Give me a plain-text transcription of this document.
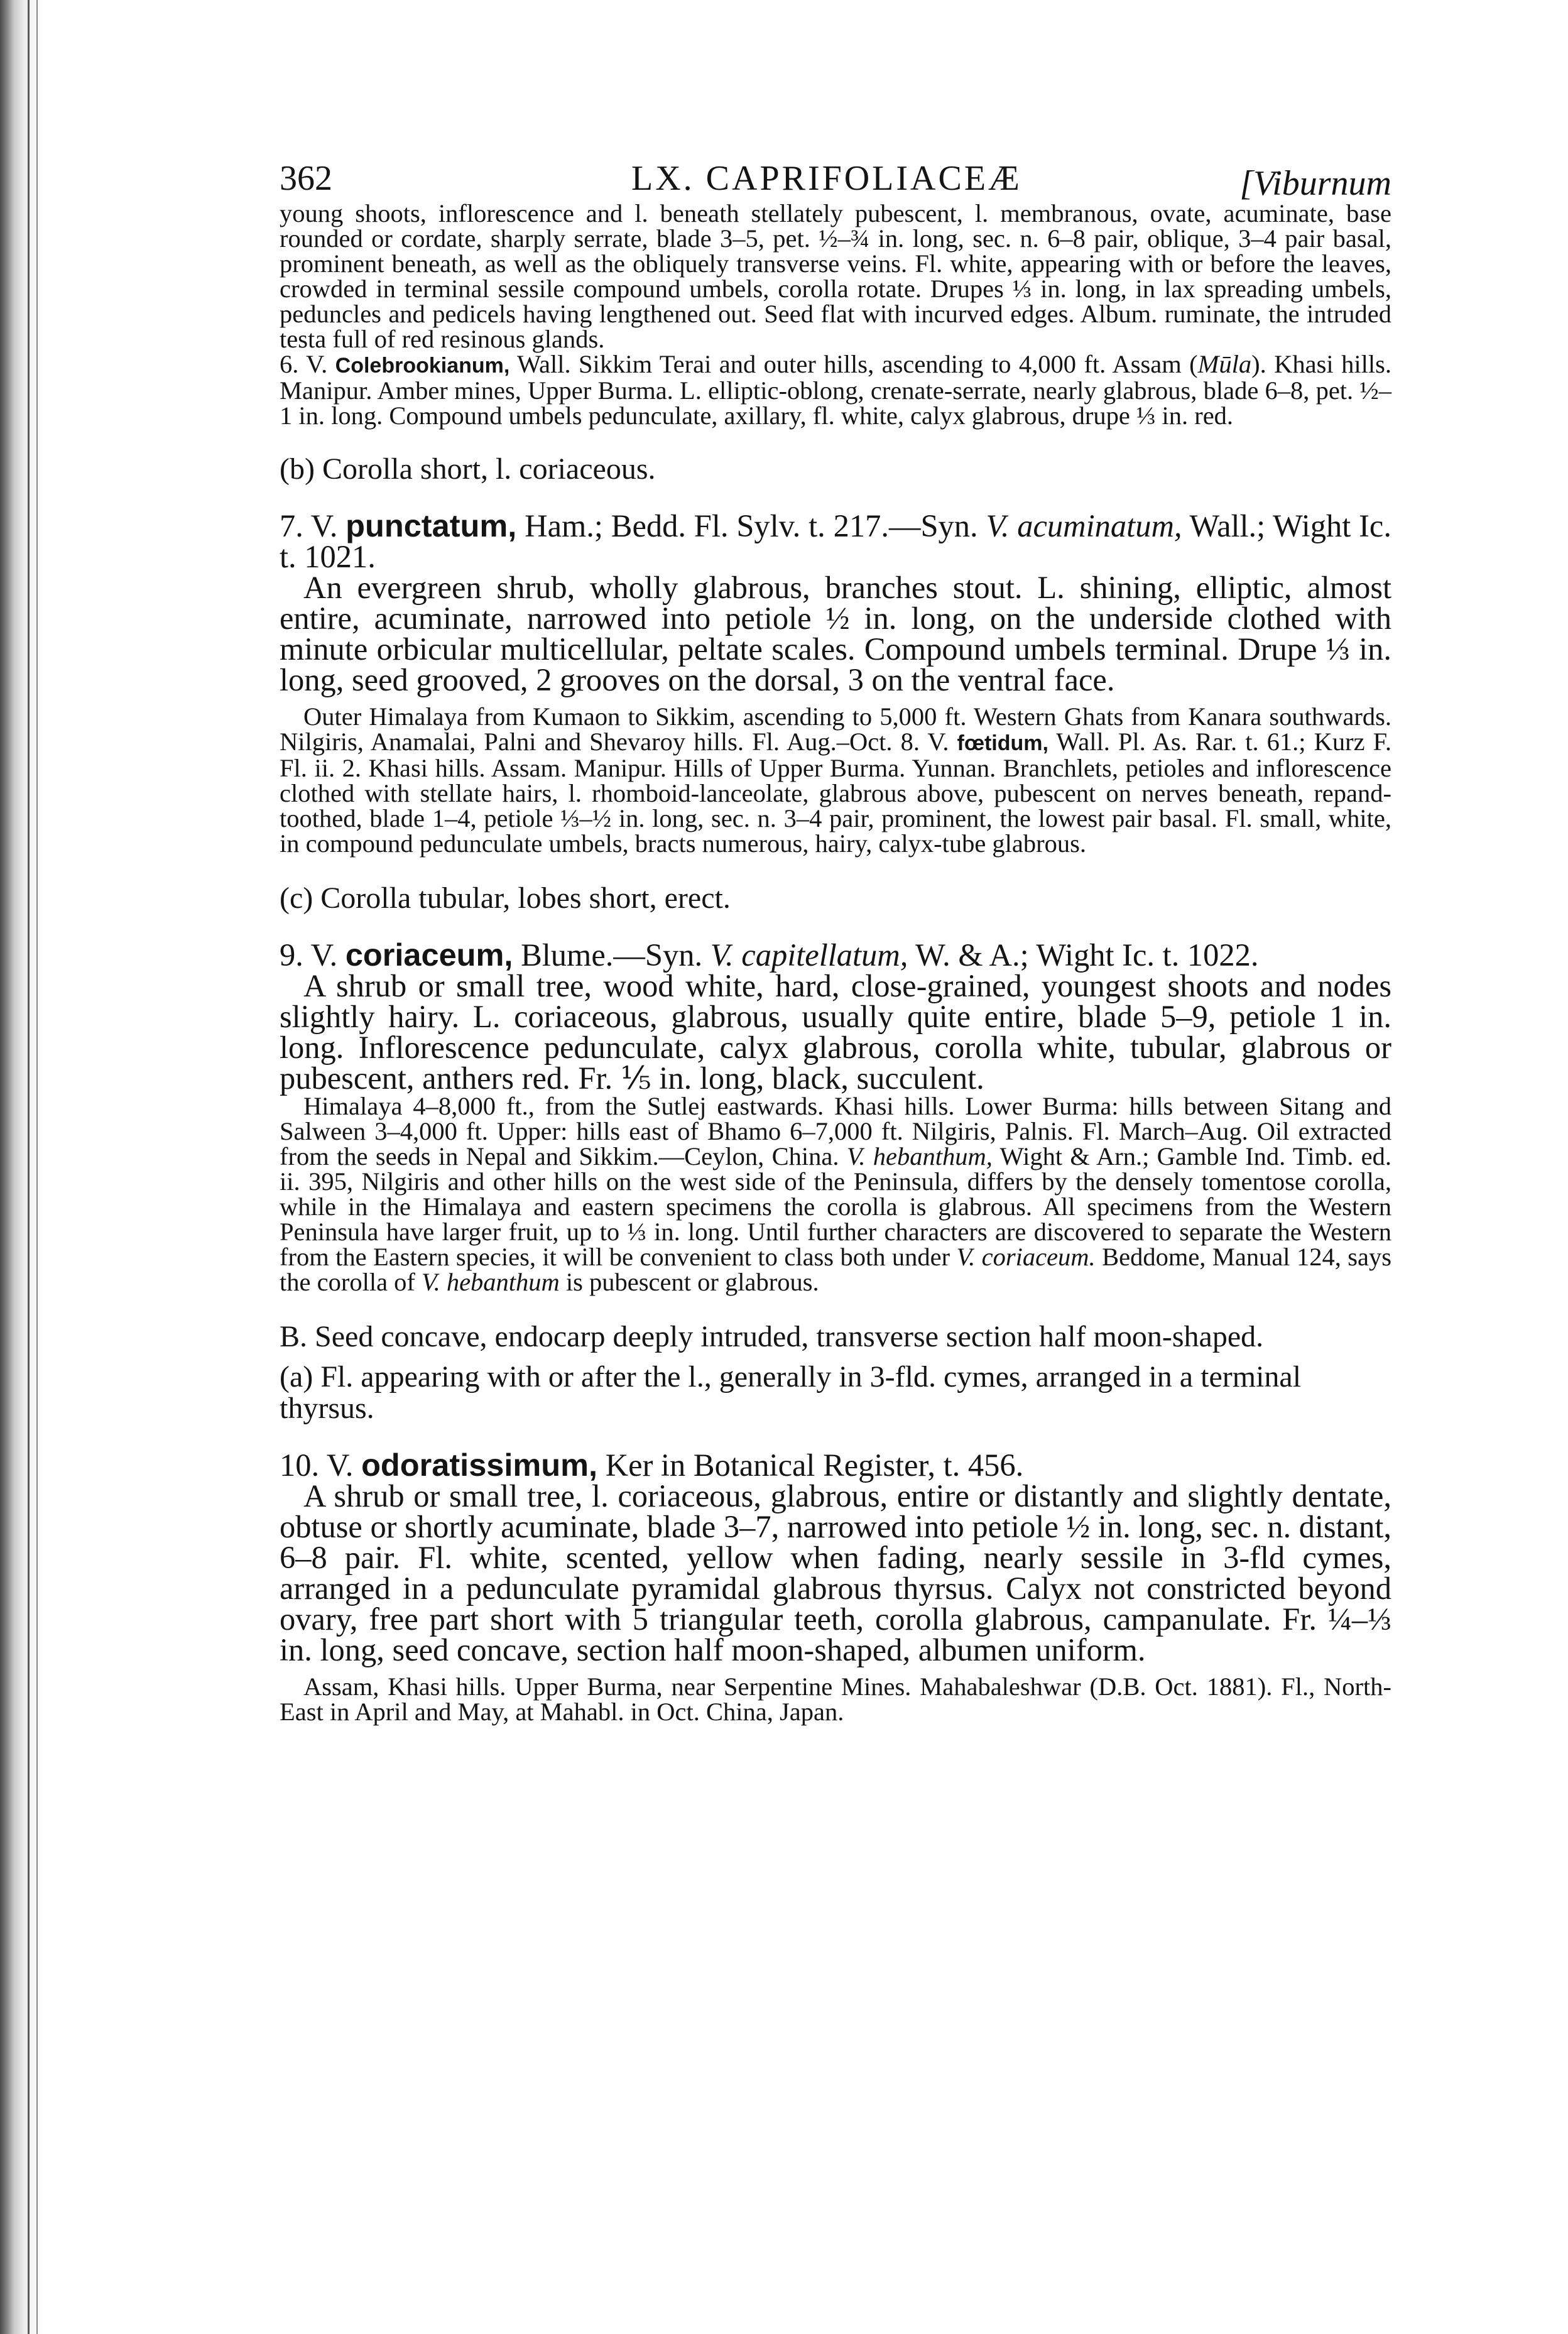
362	LX. CAPRIFOLIACEÆ	[Viburnum

young shoots, inflorescence and l. beneath stellately pubescent, l. membranous, ovate, acuminate, base rounded or cordate, sharply serrate, blade 3–5, pet. ½–¾ in. long, sec. n. 6–8 pair, oblique, 3–4 pair basal, prominent beneath, as well as the obliquely transverse veins. Fl. white, appearing with or before the leaves, crowded in terminal sessile compound umbels, corolla rotate. Drupes ⅓ in. long, in lax spreading umbels, peduncles and pedicels having lengthened out. Seed flat with incurved edges. Album. ruminate, the intruded testa full of red resinous glands.

6. V. Colebrookianum, Wall. Sikkim Terai and outer hills, ascending to 4,000 ft. Assam (Mūla). Khasi hills. Manipur. Amber mines, Upper Burma. L. elliptic-oblong, crenate-serrate, nearly glabrous, blade 6–8, pet. ½–1 in. long. Compound umbels pedunculate, axillary, fl. white, calyx glabrous, drupe ⅓ in. red.

(b) Corolla short, l. coriaceous.

7. V. punctatum, Ham.; Bedd. Fl. Sylv. t. 217.—Syn. V. acuminatum, Wall.; Wight Ic. t. 1021.

An evergreen shrub, wholly glabrous, branches stout. L. shining, elliptic, almost entire, acuminate, narrowed into petiole ½ in. long, on the underside clothed with minute orbicular multicellular, peltate scales. Compound umbels terminal. Drupe ⅓ in. long, seed grooved, 2 grooves on the dorsal, 3 on the ventral face.

Outer Himalaya from Kumaon to Sikkim, ascending to 5,000 ft. Western Ghats from Kanara southwards. Nilgiris, Anamalai, Palni and Shevaroy hills. Fl. Aug.–Oct. 8. V. fœtidum, Wall. Pl. As. Rar. t. 61.; Kurz F. Fl. ii. 2. Khasi hills. Assam. Manipur. Hills of Upper Burma. Yunnan. Branchlets, petioles and inflorescence clothed with stellate hairs, l. rhomboid-lanceolate, glabrous above, pubescent on nerves beneath, repand-toothed, blade 1–4, petiole ⅓–½ in. long, sec. n. 3–4 pair, prominent, the lowest pair basal. Fl. small, white, in compound pedunculate umbels, bracts numerous, hairy, calyx-tube glabrous.

(c) Corolla tubular, lobes short, erect.

9. V. coriaceum, Blume.—Syn. V. capitellatum, W. & A.; Wight Ic. t. 1022.

A shrub or small tree, wood white, hard, close-grained, youngest shoots and nodes slightly hairy. L. coriaceous, glabrous, usually quite entire, blade 5–9, petiole 1 in. long. Inflorescence pedunculate, calyx glabrous, corolla white, tubular, glabrous or pubescent, anthers red. Fr. ⅕ in. long, black, succulent.

Himalaya 4–8,000 ft., from the Sutlej eastwards. Khasi hills. Lower Burma: hills between Sitang and Salween 3–4,000 ft. Upper: hills east of Bhamo 6–7,000 ft. Nilgiris, Palnis. Fl. March–Aug. Oil extracted from the seeds in Nepal and Sikkim.—Ceylon, China. V. hebanthum, Wight & Arn.; Gamble Ind. Timb. ed. ii. 395, Nilgiris and other hills on the west side of the Peninsula, differs by the densely tomentose corolla, while in the Himalaya and eastern specimens the corolla is glabrous. All specimens from the Western Peninsula have larger fruit, up to ⅓ in. long. Until further characters are discovered to separate the Western from the Eastern species, it will be convenient to class both under V. coriaceum. Beddome, Manual 124, says the corolla of V. hebanthum is pubescent or glabrous.

B. Seed concave, endocarp deeply intruded, transverse section half moon-shaped.

(a) Fl. appearing with or after the l., generally in 3-fld. cymes, arranged in a terminal thyrsus.

10. V. odoratissimum, Ker in Botanical Register, t. 456.

A shrub or small tree, l. coriaceous, glabrous, entire or distantly and slightly dentate, obtuse or shortly acuminate, blade 3–7, narrowed into petiole ½ in. long, sec. n. distant, 6–8 pair. Fl. white, scented, yellow when fading, nearly sessile in 3-fld cymes, arranged in a pedunculate pyramidal glabrous thyrsus. Calyx not constricted beyond ovary, free part short with 5 triangular teeth, corolla glabrous, campanulate. Fr. ¼–⅓ in. long, seed concave, section half moon-shaped, albumen uniform.

Assam, Khasi hills. Upper Burma, near Serpentine Mines. Mahabaleshwar (D.B. Oct. 1881). Fl., North-East in April and May, at Mahabl. in Oct. China, Japan.
